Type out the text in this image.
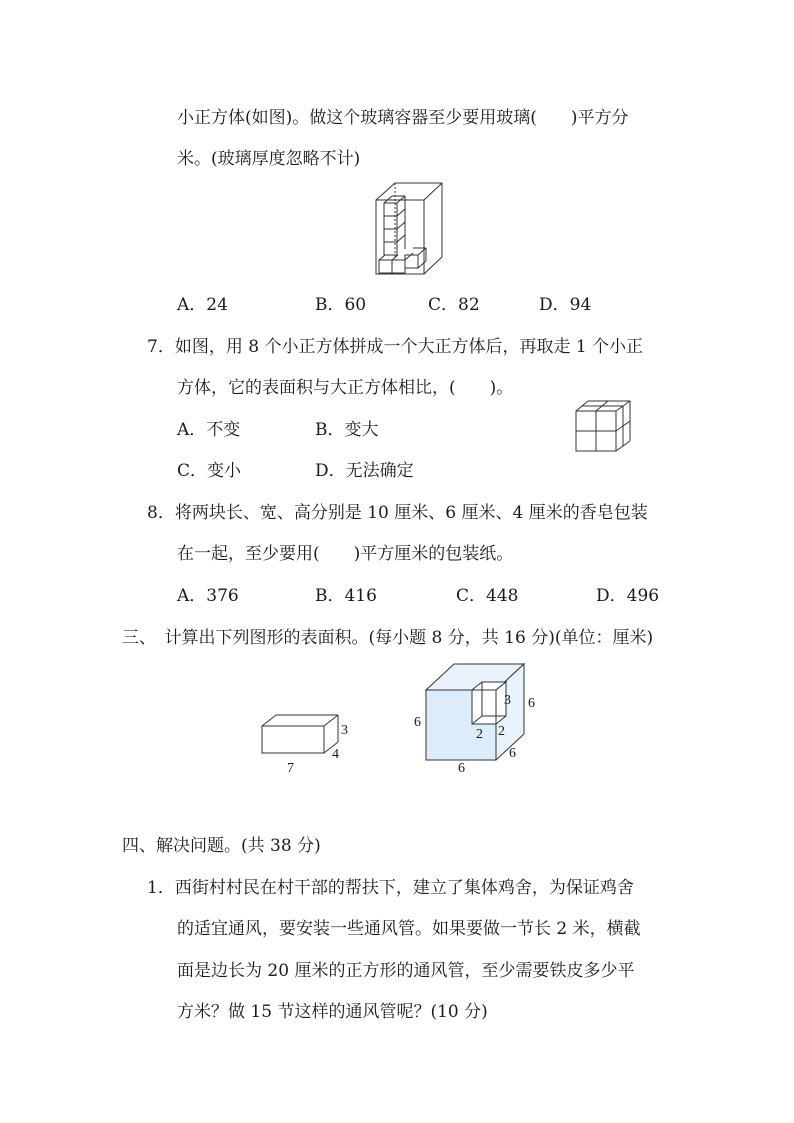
小正方体(如图)。做这个玻璃容器至少要用玻璃(　　)平方分
米。(玻璃厚度忽略不计)
A．24	B．60	C．82	D．94
7．如图，用 8 个小正方体拼成一个大正方体后，再取走 1 个小正
方体，它的表面积与大正方体相比，(　　)。
A．不变	B．变大
C．变小	D．无法确定
8．将两块长、宽、高分别是 10 厘米、6 厘米、4 厘米的香皂包装
在一起，至少要用(　　)平方厘米的包装纸。
A．376	B．416	C．448	D．496
三、　计算出下列图形的表面积。(每小题 8 分，共 16 分)(单位：厘米)
3
4
7
3 6
6
2 2
6
6
四、解决问题。(共 38 分)
1．西街村村民在村干部的帮扶下，建立了集体鸡舍，为保证鸡舍
的适宜通风，要安装一些通风管。如果要做一节长 2 米，横截
面是边长为 20 厘米的正方形的通风管，至少需要铁皮多少平
方米？做 15 节这样的通风管呢？(10 分)
